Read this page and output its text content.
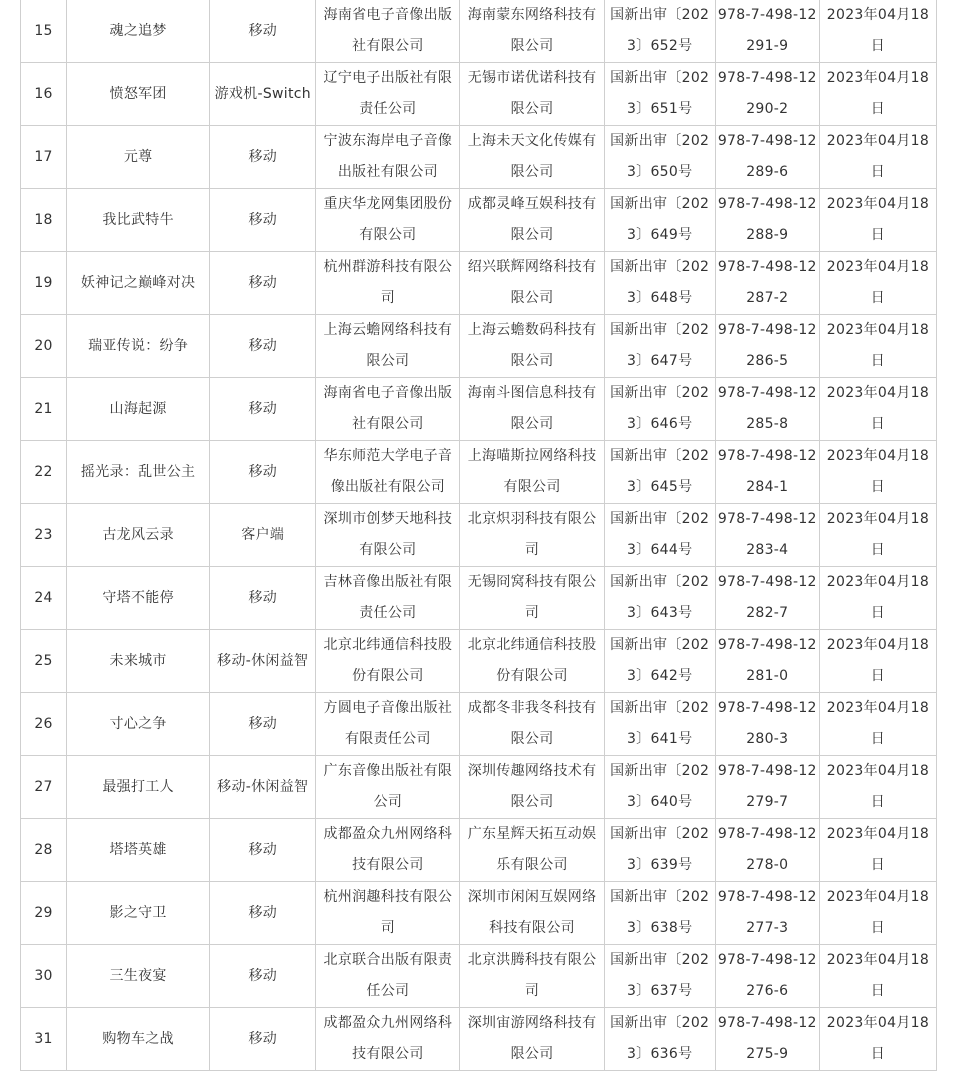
15	魂之追梦	移动	海南省电子音像出版社有限公司	海南蒙东网络科技有限公司	国新出审〔2023〕652号	978-7-498-12291-9	2023年04月18日
16	愤怒军团	游戏机-Switch	辽宁电子出版社有限责任公司	无锡市诺优诺科技有限公司	国新出审〔2023〕651号	978-7-498-12290-2	2023年04月18日
17	元尊	移动	宁波东海岸电子音像出版社有限公司	上海未天文化传媒有限公司	国新出审〔2023〕650号	978-7-498-12289-6	2023年04月18日
18	我比武特牛	移动	重庆华龙网集团股份有限公司	成都灵峰互娱科技有限公司	国新出审〔2023〕649号	978-7-498-12288-9	2023年04月18日
19	妖神记之巅峰对决	移动	杭州群游科技有限公司	绍兴联辉网络科技有限公司	国新出审〔2023〕648号	978-7-498-12287-2	2023年04月18日
20	瑞亚传说：纷争	移动	上海云蟾网络科技有限公司	上海云蟾数码科技有限公司	国新出审〔2023〕647号	978-7-498-12286-5	2023年04月18日
21	山海起源	移动	海南省电子音像出版社有限公司	海南斗图信息科技有限公司	国新出审〔2023〕646号	978-7-498-12285-8	2023年04月18日
22	摇光录：乱世公主	移动	华东师范大学电子音像出版社有限公司	上海喵斯拉网络科技有限公司	国新出审〔2023〕645号	978-7-498-12284-1	2023年04月18日
23	古龙风云录	客户端	深圳市创梦天地科技有限公司	北京炽羽科技有限公司	国新出审〔2023〕644号	978-7-498-12283-4	2023年04月18日
24	守塔不能停	移动	吉林音像出版社有限责任公司	无锡冏窝科技有限公司	国新出审〔2023〕643号	978-7-498-12282-7	2023年04月18日
25	未来城市	移动-休闲益智	北京北纬通信科技股份有限公司	北京北纬通信科技股份有限公司	国新出审〔2023〕642号	978-7-498-12281-0	2023年04月18日
26	寸心之争	移动	方圆电子音像出版社有限责任公司	成都冬非我冬科技有限公司	国新出审〔2023〕641号	978-7-498-12280-3	2023年04月18日
27	最强打工人	移动-休闲益智	广东音像出版社有限公司	深圳传趣网络技术有限公司	国新出审〔2023〕640号	978-7-498-12279-7	2023年04月18日
28	塔塔英雄	移动	成都盈众九州网络科技有限公司	广东星辉天拓互动娱乐有限公司	国新出审〔2023〕639号	978-7-498-12278-0	2023年04月18日
29	影之守卫	移动	杭州润趣科技有限公司	深圳市闲闲互娱网络科技有限公司	国新出审〔2023〕638号	978-7-498-12277-3	2023年04月18日
30	三生夜宴	移动	北京联合出版有限责任公司	北京洪腾科技有限公司	国新出审〔2023〕637号	978-7-498-12276-6	2023年04月18日
31	购物车之战	移动	成都盈众九州网络科技有限公司	深圳宙游网络科技有限公司	国新出审〔2023〕636号	978-7-498-12275-9	2023年04月18日
